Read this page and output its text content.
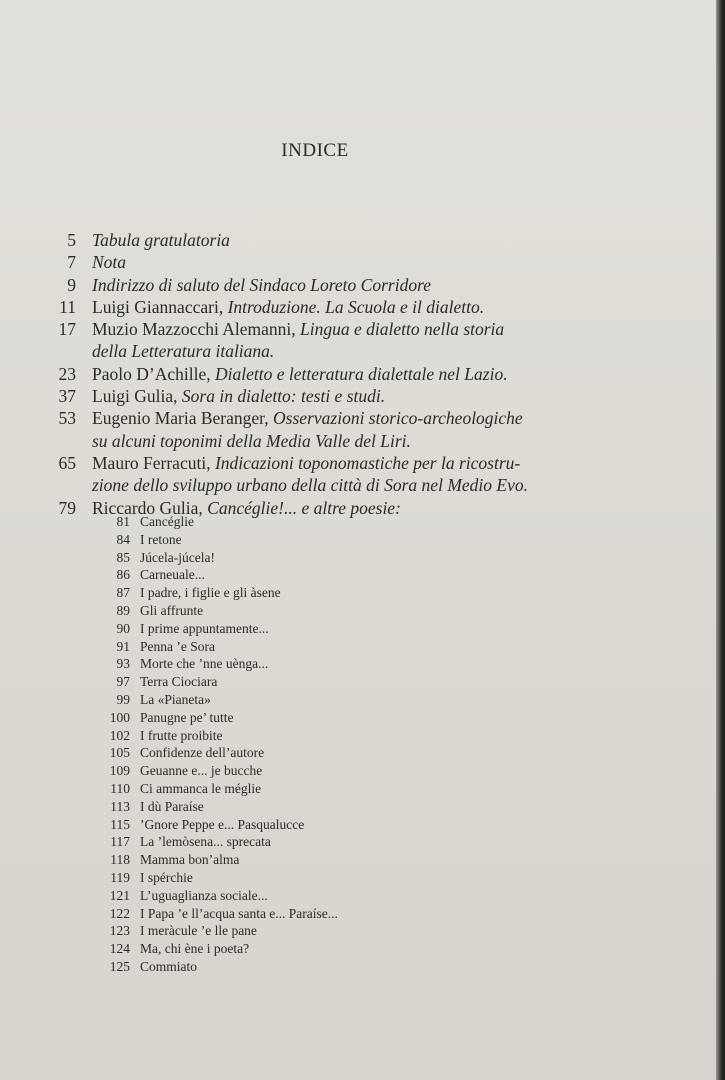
INDICE
5 Tabula gratulatoria
7 Nota
9 Indirizzo di saluto del Sindaco Loreto Corridore
11 Luigi Giannaccari, Introduzione. La Scuola e il dialetto.
17 Muzio Mazzocchi Alemanni, Lingua e dialetto nella storia
della Letteratura italiana.
23 Paolo D’Achille, Dialetto e letteratura dialettale nel Lazio.
37 Luigi Gulia, Sora in dialetto: testi e studi.
53 Eugenio Maria Beranger, Osservazioni storico-archeologiche
su alcuni toponimi della Media Valle del Liri.
65 Mauro Ferracuti, Indicazioni toponomastiche per la ricostru-
zione dello sviluppo urbano della città di Sora nel Medio Evo.
79 Riccardo Gulia, Cancéglie!... e altre poesie:
81 Cancéglie
84 I retone
85 Júcela-júcela!
86 Carneuale...
87 I padre, i figlie e gli àsene
89 Gli affrunte
90 I prime appuntamente...
91 Penna ’e Sora
93 Morte che ’nne uènga...
97 Terra Ciociara
99 La «Pianeta»
100 Panugne pe’ tutte
102 I frutte proibite
105 Confidenze dell’autore
109 Geuanne e... je bucche
110 Ci ammanca le méglie
113 I dù Paraíse
115 ’Gnore Peppe e... Pasqualucce
117 La ’lemòsena... sprecata
118 Mamma bon’alma
119 I spérchie
121 L’uguaglianza sociale...
122 I Papa ’e ll’acqua santa e... Paraíse...
123 I meràcule ’e lle pane
124 Ma, chi ène i poeta?
125 Commiato
